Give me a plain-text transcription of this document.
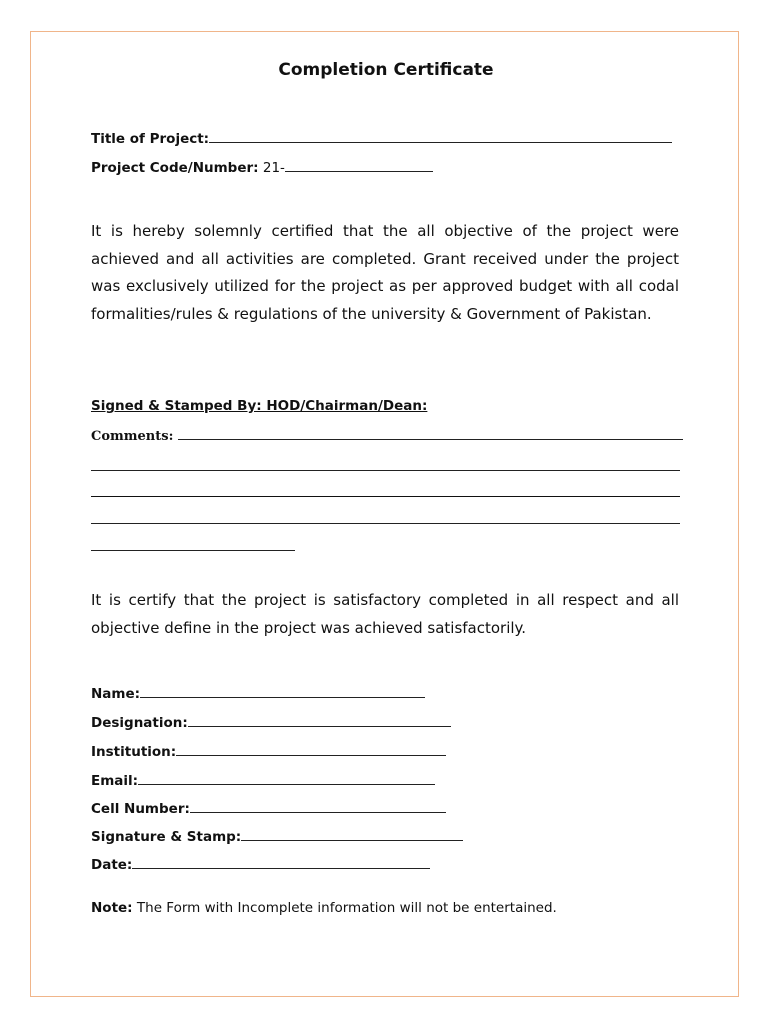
Completion Certificate
Title of Project:
Project Code/Number: 21-
It is hereby solemnly certified that the all objective of the project were achieved and all activities are completed. Grant received under the project was exclusively utilized for the project as per approved budget with all codal formalities/rules & regulations of the university & Government of Pakistan.
Signed & Stamped By: HOD/Chairman/Dean:
Comments:
It is certify that the project is satisfactory completed in all respect and all objective define in the project was achieved satisfactorily.
Name:
Designation:
Institution:
Email:
Cell Number:
Signature & Stamp:
Date:
Note: The Form with Incomplete information will not be entertained.
